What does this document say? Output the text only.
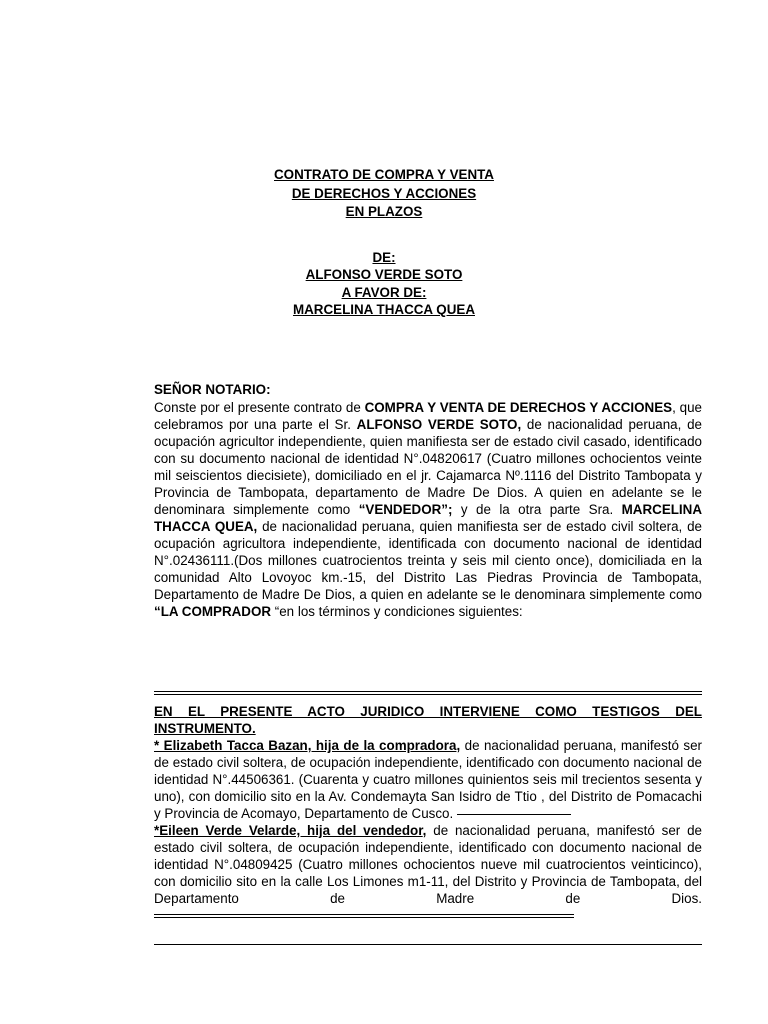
CONTRATO DE COMPRA Y VENTA
DE DERECHOS Y ACCIONES
EN PLAZOS
DE:
ALFONSO VERDE SOTO
A FAVOR DE:
MARCELINA THACCA QUEA
SEÑOR NOTARIO:
Conste por el presente contrato de COMPRA Y VENTA DE DERECHOS Y ACCIONES, que celebramos por una parte el Sr. ALFONSO VERDE SOTO, de nacionalidad peruana, de ocupación agricultor independiente, quien manifiesta ser de estado civil casado, identificado con su documento nacional de identidad N°.04820617 (Cuatro millones ochocientos veinte mil seiscientos diecisiete), domiciliado en el jr. Cajamarca Nº.1116 del Distrito Tambopata y Provincia de Tambopata, departamento de Madre De Dios. A quien en adelante se le denominara simplemente como “VENDEDOR”; y de la otra parte Sra. MARCELINA THACCA QUEA, de nacionalidad peruana, quien manifiesta ser de estado civil soltera, de ocupación agricultora independiente, identificada con documento nacional de identidad N°.02436111.(Dos millones cuatrocientos treinta y seis mil ciento once), domiciliada en la comunidad Alto Lovoyoc km.-15, del Distrito Las Piedras Provincia de Tambopata, Departamento de Madre De Dios, a quien en adelante se le denominara simplemente como “LA COMPRADOR “en los términos y condiciones siguientes:
EN EL PRESENTE ACTO JURIDICO INTERVIENE COMO TESTIGOS DEL INSTRUMENTO.
* Elizabeth Tacca Bazan, hija de la compradora, de nacionalidad peruana, manifestó ser de estado civil soltera, de ocupación independiente, identificado con documento nacional de identidad N°.44506361. (Cuarenta y cuatro millones quinientos seis mil trecientos sesenta y uno), con domicilio sito en la Av. Condemayta San Isidro de Ttio , del Distrito de Pomacachi y Provincia de Acomayo, Departamento de Cusco.
*Eileen Verde Velarde, hija del vendedor, de nacionalidad peruana, manifestó ser de estado civil soltera, de ocupación independiente, identificado con documento nacional de identidad N°.04809425 (Cuatro millones ochocientos nueve mil cuatrocientos veinticinco), con domicilio sito en la calle Los Limones m1-11, del Distrito y Provincia de Tambopata, del Departamento de Madre de Dios.
